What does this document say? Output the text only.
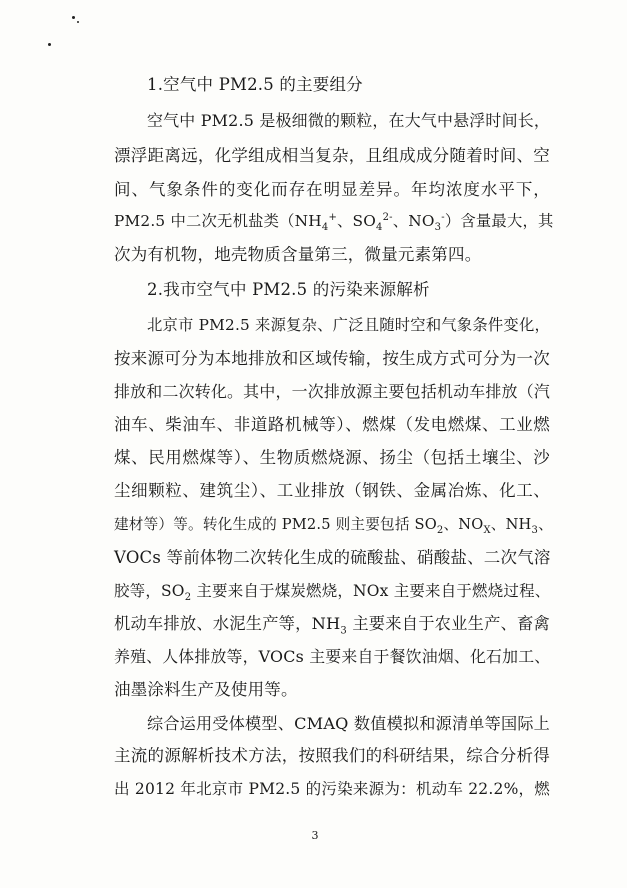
1.空气中 PM2.5 的主要组分
空气中 PM2.5 是极细微的颗粒，在大气中悬浮时间长，
漂浮距离远，化学组成相当复杂，且组成成分随着时间、空
间、气象条件的变化而存在明显差异。年均浓度水平下，
PM2.5 中二次无机盐类（$NH_4^+$、$SO_4^{2-}$、$NO_3^-$）含量最大，其
次为有机物，地壳物质含量第三，微量元素第四。
2.我市空气中 PM2.5 的污染来源解析
北京市 PM2.5 来源复杂、广泛且随时空和气象条件变化，
按来源可分为本地排放和区域传输，按生成方式可分为一次
排放和二次转化。其中，一次排放源主要包括机动车排放（汽
油车、柴油车、非道路机械等）、燃煤（发电燃煤、工业燃
煤、民用燃煤等）、生物质燃烧源、扬尘（包括土壤尘、沙
尘细颗粒、建筑尘）、工业排放（钢铁、金属冶炼、化工、
建材等）等。转化生成的 PM2.5 则主要包括 $SO_2$、$NO_X$、$NH_3$、
VOCs 等前体物二次转化生成的硫酸盐、硝酸盐、二次气溶
胶等，$SO_2$ 主要来自于煤炭燃烧，NOx 主要来自于燃烧过程、
机动车排放、水泥生产等，$NH_3$ 主要来自于农业生产、畜禽
养殖、人体排放等，VOCs 主要来自于餐饮油烟、化石加工、
油墨涂料生产及使用等。
综合运用受体模型、CMAQ 数值模拟和源清单等国际上
主流的源解析技术方法，按照我们的科研结果，综合分析得
出 2012 年北京市 PM2.5 的污染来源为：机动车 22.2%，燃
3
